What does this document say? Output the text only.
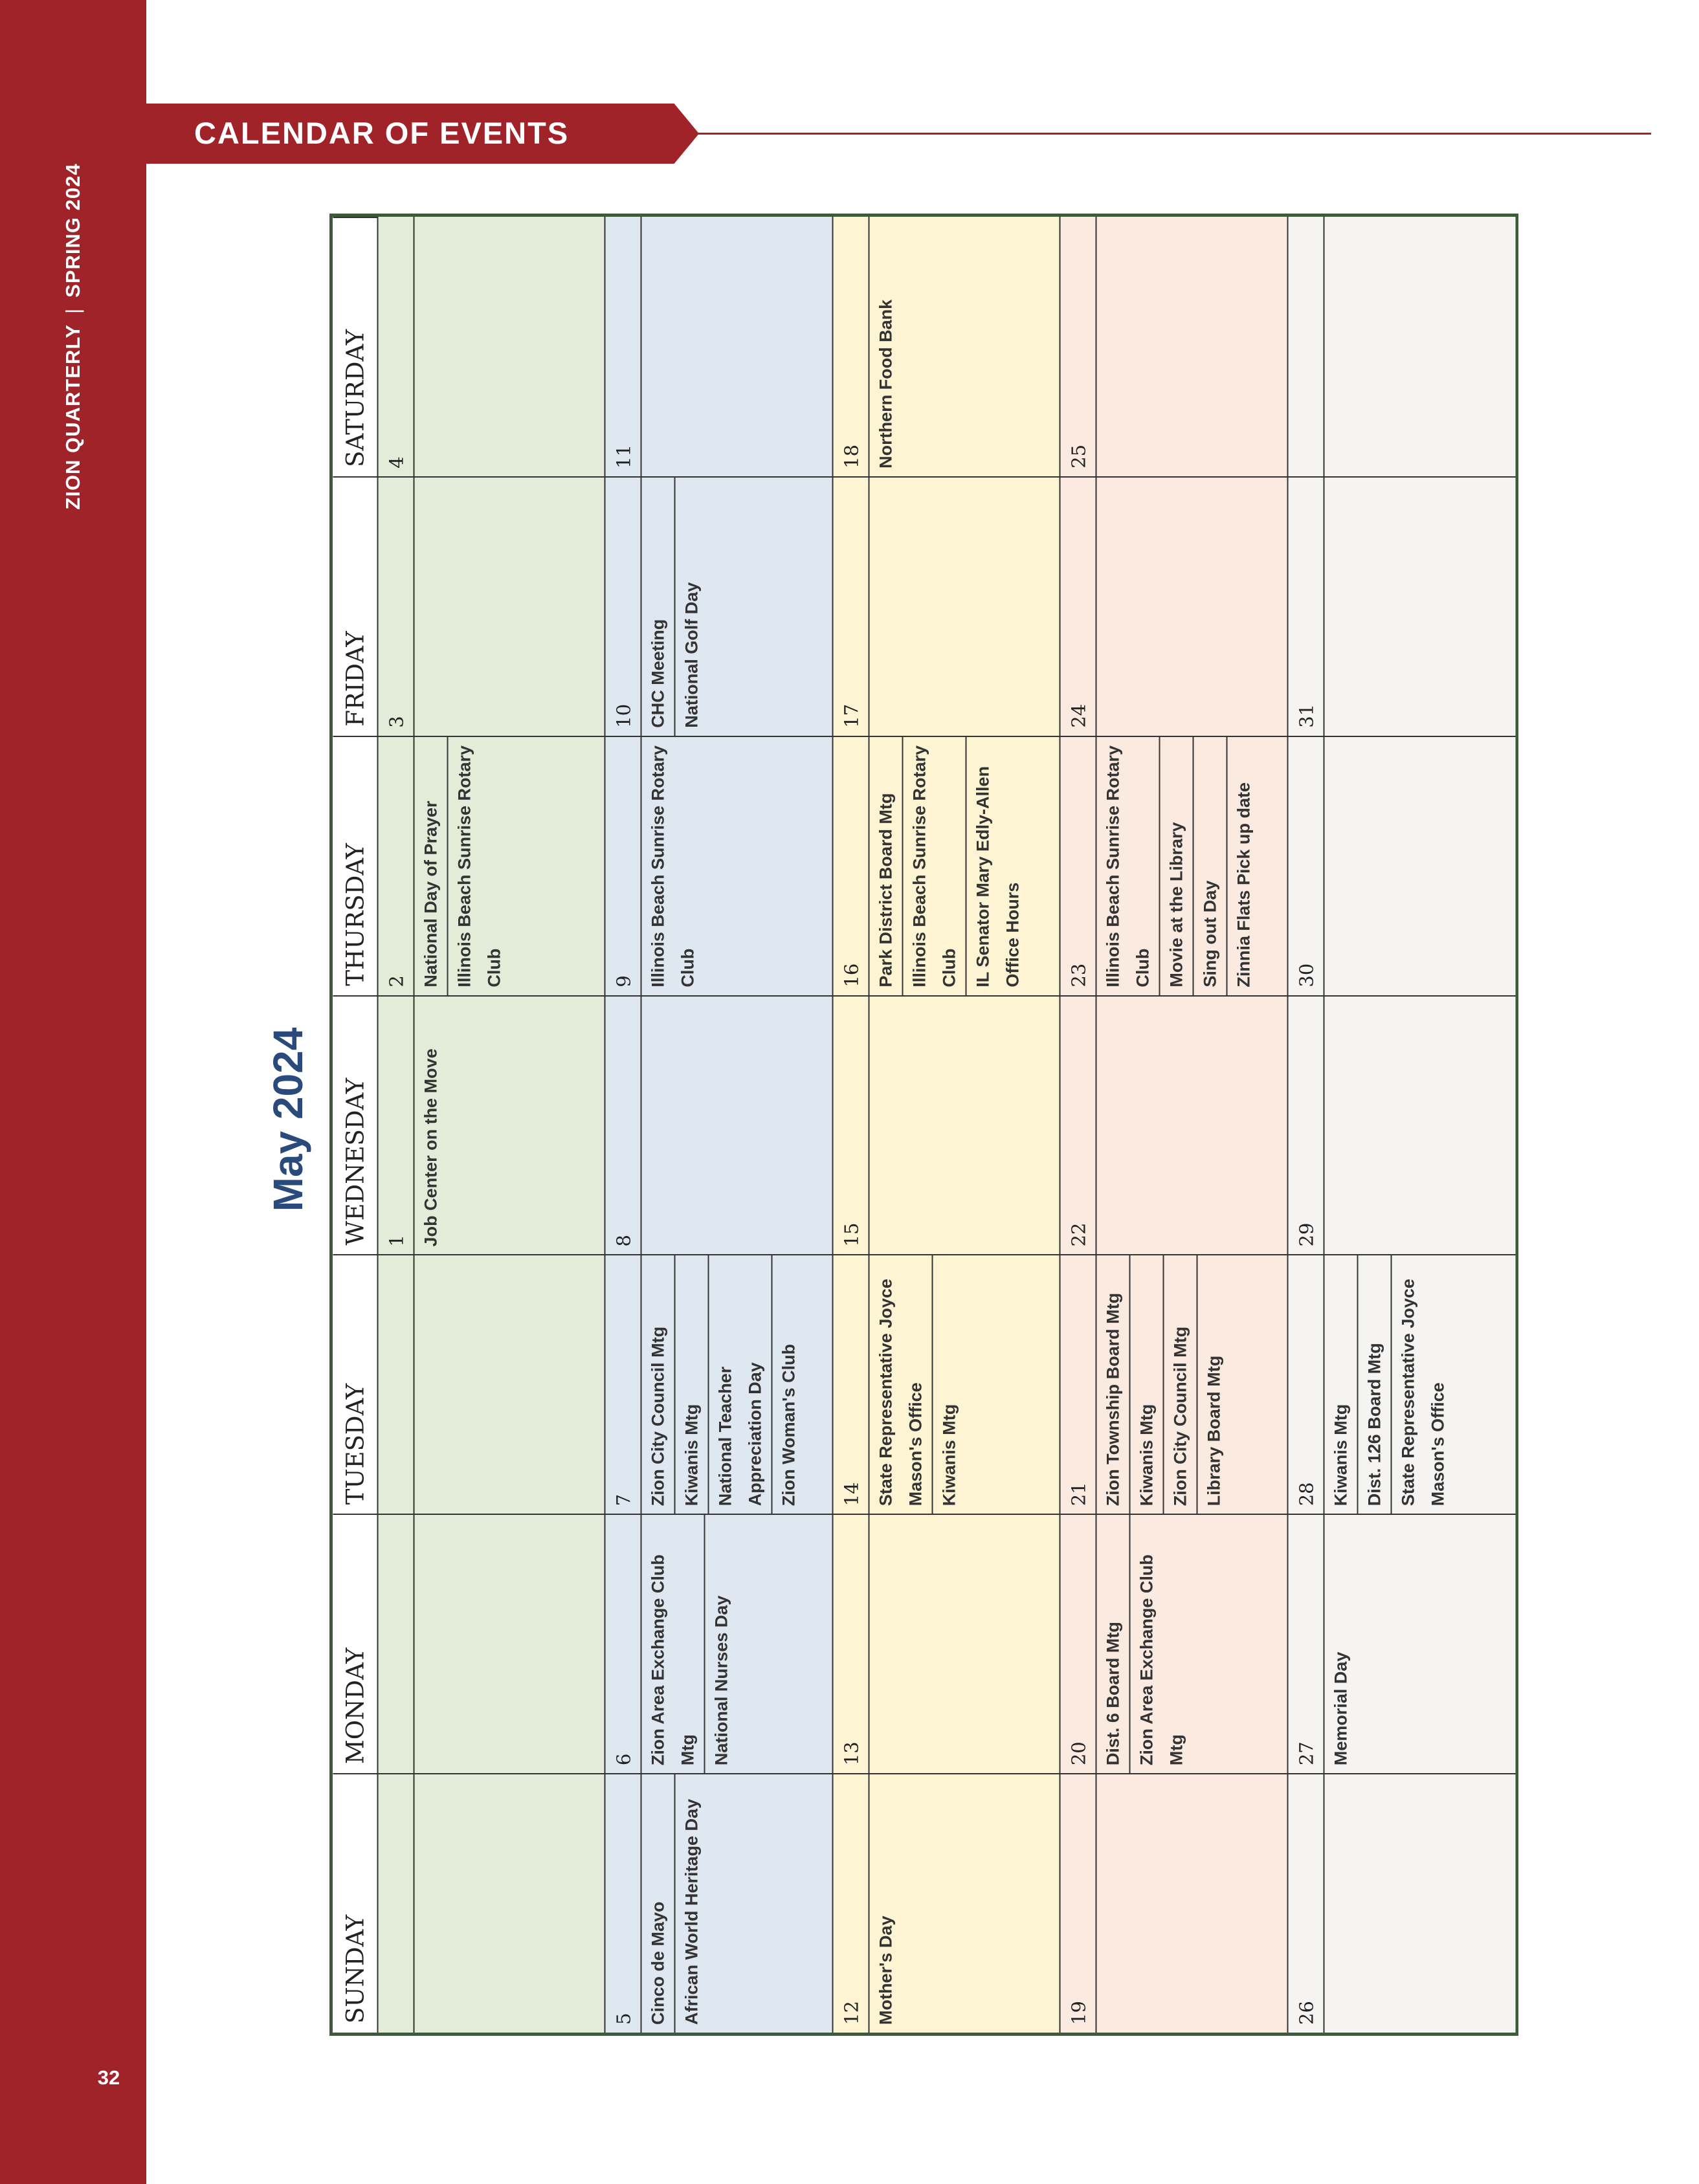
ZION QUARTERLY|SPRING 2024
32
CALENDAR OF EVENTS
May 2024
SUNDAY
MONDAY
TUESDAY
WEDNESDAY
THURSDAY
FRIDAY
SATURDAY
1 Job Center on the Move
2 National Day of Prayer Illinois Beach Sunrise Rotary Club
3
4
5 Cinco de Mayo African World Heritage Day
6 Zion Area Exchange Club Mtg National Nurses Day
7 Zion City Council Mtg Kiwanis Mtg National Teacher Appreciation Day Zion Woman's Club
8
9 Illinois Beach Sunrise Rotary Club
10 CHC Meeting National Golf Day
11
12 Mother's Day
13
14 State Representative Joyce Mason's Office Kiwanis Mtg
15
16 Park District Board Mtg Illinois Beach Sunrise Rotary Club IL Senator Mary Edly-Allen Office Hours
17
18 Northern Food Bank
19
20 Dist. 6 Board Mtg Zion Area Exchange Club Mtg
21 Zion Township Board Mtg Kiwanis Mtg Zion City Council Mtg Library Board Mtg
22
23 Illinois Beach Sunrise Rotary Club Movie at the Library Sing out Day Zinnia Flats Pick up date
24
25
26
27 Memorial Day
28 Kiwanis Mtg Dist. 126 Board Mtg State Representative Joyce Mason's Office
29
30
31
